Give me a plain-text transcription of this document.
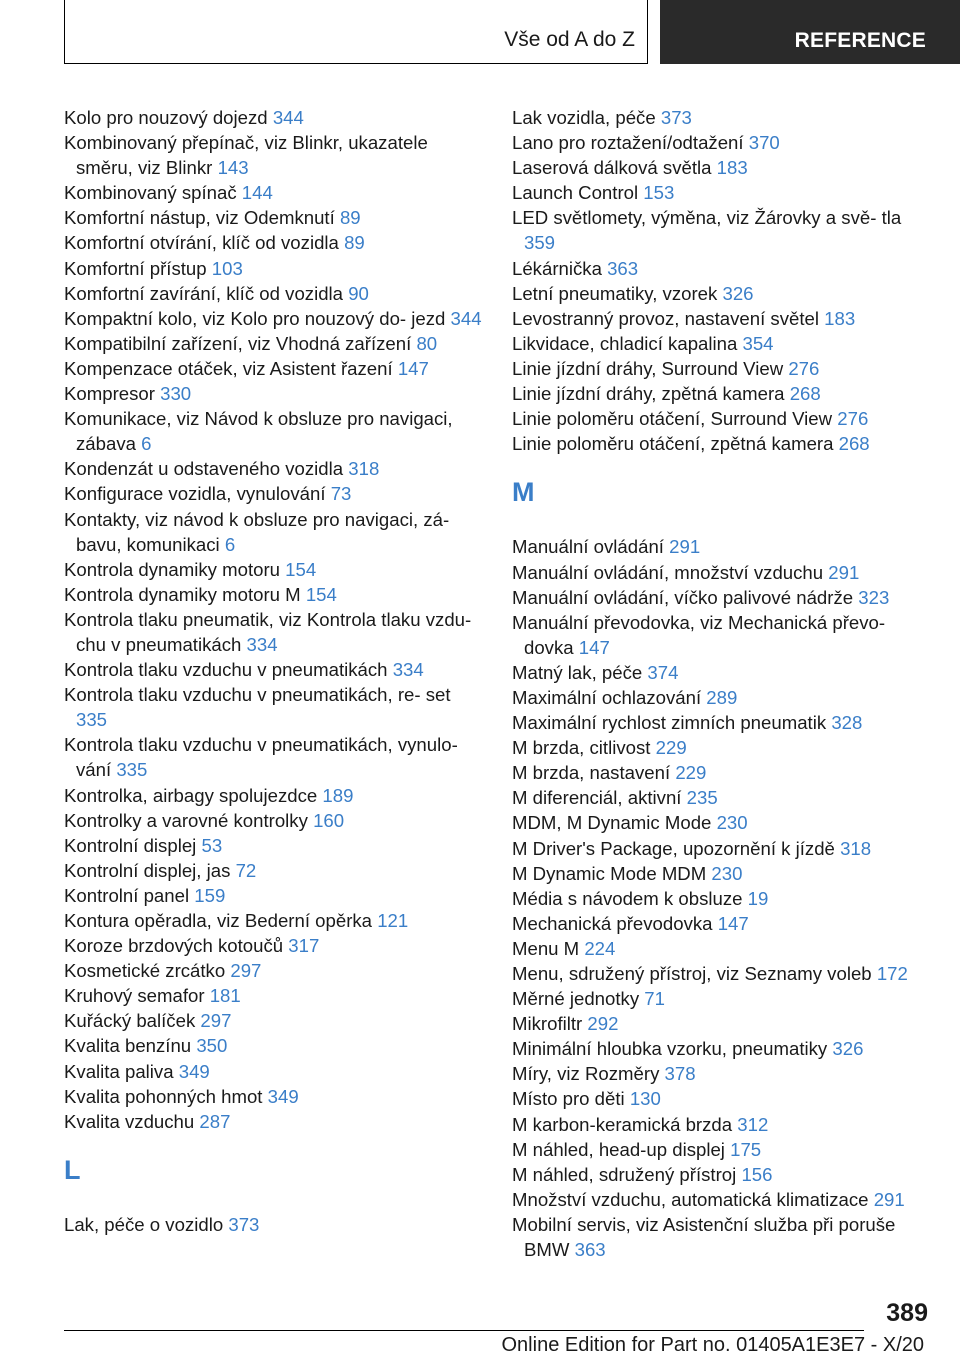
Vše od A do Z	REFERENCE
Kolo pro nouzový dojezd 344
Kombinovaný přepínač, viz Blinkr, ukazatele směru, viz Blinkr 143
Kombinovaný spínač 144
Komfortní nástup, viz Odemknutí 89
Komfortní otvírání, klíč od vozidla 89
Komfortní přístup 103
Komfortní zavírání, klíč od vozidla 90
Kompaktní kolo, viz Kolo pro nouzový do‐ jezd 344
Kompatibilní zařízení, viz Vhodná zařízení 80
Kompenzace otáček, viz Asistent řazení 147
Kompresor 330
Komunikace, viz Návod k obsluze pro navigaci, zábava 6
Kondenzát u odstaveného vozidla 318
Konfigurace vozidla, vynulování 73
Kontakty, viz návod k obsluze pro navigaci, zá‐ bavu, komunikaci 6
Kontrola dynamiky motoru 154
Kontrola dynamiky motoru M 154
Kontrola tlaku pneumatik, viz Kontrola tlaku vzdu‐ chu v pneumatikách 334
Kontrola tlaku vzduchu v pneumatikách 334
Kontrola tlaku vzduchu v pneumatikách, re‐ set 335
Kontrola tlaku vzduchu v pneumatikách, vynulo‐ vání 335
Kontrolka, airbagy spolujezdce 189
Kontrolky a varovné kontrolky 160
Kontrolní displej 53
Kontrolní displej, jas 72
Kontrolní panel 159
Kontura opěradla, viz Bederní opěrka 121
Koroze brzdových kotoučů 317
Kosmetické zrcátko 297
Kruhový semafor 181
Kuřácký balíček 297
Kvalita benzínu 350
Kvalita paliva 349
Kvalita pohonných hmot 349
Kvalita vzduchu 287
L
Lak, péče o vozidlo 373
Lak vozidla, péče 373
Lano pro roztažení/odtažení 370
Laserová dálková světla 183
Launch Control 153
LED světlomety, výměna, viz Žárovky a svě‐ tla 359
Lékárnička 363
Letní pneumatiky, vzorek 326
Levostranný provoz, nastavení světel 183
Likvidace, chladicí kapalina 354
Linie jízdní dráhy, Surround View 276
Linie jízdní dráhy, zpětná kamera 268
Linie poloměru otáčení, Surround View 276
Linie poloměru otáčení, zpětná kamera 268
M
Manuální ovládání 291
Manuální ovládání, množství vzduchu 291
Manuální ovládání, víčko palivové nádrže 323
Manuální převodovka, viz Mechanická převo‐ dovka 147
Matný lak, péče 374
Maximální ochlazování 289
Maximální rychlost zimních pneumatik 328
M brzda, citlivost 229
M brzda, nastavení 229
M diferenciál, aktivní 235
MDM, M Dynamic Mode 230
M Driver's Package, upozornění k jízdě 318
M Dynamic Mode MDM 230
Média s návodem k obsluze 19
Mechanická převodovka 147
Menu M 224
Menu, sdružený přístroj, viz Seznamy voleb 172
Měrné jednotky 71
Mikrofiltr 292
Minimální hloubka vzorku, pneumatiky 326
Míry, viz Rozměry 378
Místo pro děti 130
M karbon-keramická brzda 312
M náhled, head-up displej 175
M náhled, sdružený přístroj 156
Množství vzduchu, automatická klimatizace 291
Mobilní servis, viz Asistenční služba při poruše BMW 363
389
Online Edition for Part no. 01405A1E3E7 - X/20
